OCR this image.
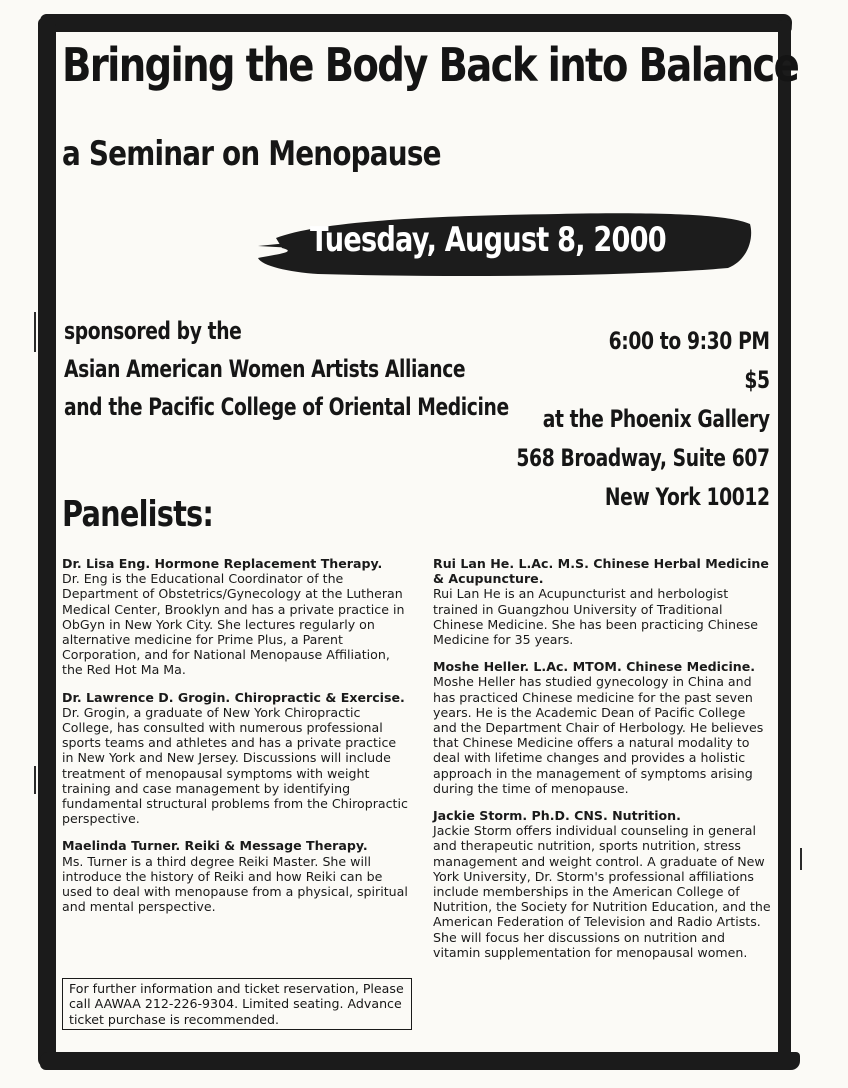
Bringing the Body Back into Balance
a Seminar on Menopause
Tuesday, August 8, 2000
sponsored by the
Asian American Women Artists Alliance
and the Pacific College of Oriental Medicine
6:00 to 9:30 PM
$5
at the Phoenix Gallery
568 Broadway, Suite 607
New York 10012
Panelists:

Dr. Lisa Eng. Hormone Replacement Therapy.

Dr. Eng is the Educational Coordinator of the Department of Obstetrics/Gynecology at the Lutheran Medical Center, Brooklyn and has a private practice in ObGyn in New York City. She lectures regularly on alternative medicine for Prime Plus, a Parent Corporation, and for National Menopause Affiliation, the Red Hot Ma Ma.

Dr. Lawrence D. Grogin. Chiropractic & Exercise.

Dr. Grogin, a graduate of New York Chiropractic College, has consulted with numerous professional sports teams and athletes and has a private practice in New York and New Jersey. Discussions will include treatment of menopausal symptoms with weight training and case management by identifying fundamental structural problems from the Chiropractic perspective.

Maelinda Turner. Reiki & Message Therapy.

Ms. Turner is a third degree Reiki Master. She will introduce the history of Reiki and how Reiki can be used to deal with menopause from a physical, spiritual and mental perspective.

Rui Lan He. L.Ac. M.S. Chinese Herbal Medicine & Acupuncture.

Rui Lan He is an Acupuncturist and herbologist trained in Guangzhou University of Traditional Chinese Medicine. She has been practicing Chinese Medicine for 35 years.

Moshe Heller. L.Ac. MTOM. Chinese Medicine.

Moshe Heller has studied gynecology in China and has practiced Chinese medicine for the past seven years. He is the Academic Dean of Pacific College and the Department Chair of Herbology. He believes that Chinese Medicine offers a natural modality to deal with lifetime changes and provides a holistic approach in the management of symptoms arising during the time of menopause.

Jackie Storm. Ph.D. CNS. Nutrition.

Jackie Storm offers individual counseling in general and therapeutic nutrition, sports nutrition, stress management and weight control. A graduate of New York University, Dr. Storm's professional affiliations include memberships in the American College of Nutrition, the Society for Nutrition Education, and the American Federation of Television and Radio Artists. She will focus her discussions on nutrition and vitamin supplementation for menopausal women.

For further information and ticket reservation, Please call AAWAA 212-226-9304. Limited seating. Advance ticket purchase is recommended.
